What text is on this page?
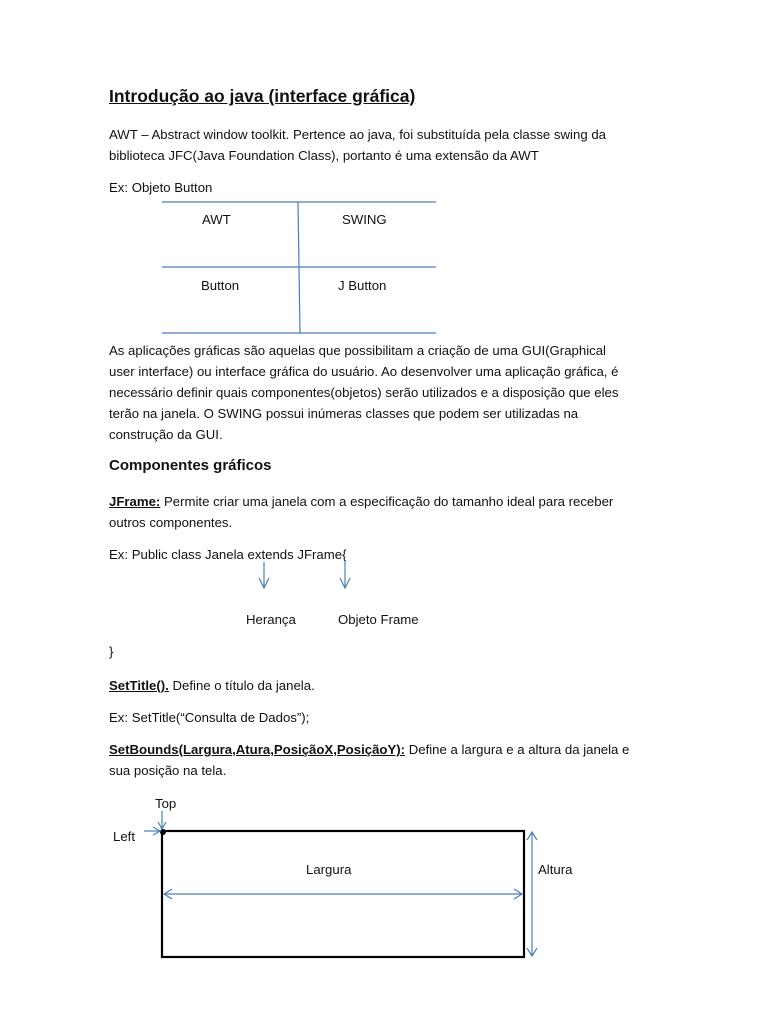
Introdução ao java (interface gráfica)
AWT – Abstract window toolkit. Pertence ao java, foi substituída pela classe swing da
biblioteca JFC(Java Foundation Class), portanto é uma extensão da AWT
Ex: Objeto Button
AWT	SWING
Button	J Button
As aplicações gráficas são aquelas que possibilitam a criação de uma GUI(Graphical
user interface) ou interface gráfica do usuário. Ao desenvolver uma aplicação gráfica, é
necessário definir quais componentes(objetos) serão utilizados e a disposição que eles
terão na janela. O SWING possui inúmeras classes que podem ser utilizadas na
construção da GUI.
Componentes gráficos
JFrame: Permite criar uma janela com a especificação do tamanho ideal para receber
outros componentes.
Ex: Public class Janela extends JFrame{
Herança	Objeto Frame
}
SetTitle(). Define o título da janela.
Ex: SetTitle(“Consulta de Dados”);
SetBounds(Largura,Atura,PosiçãoX,PosiçãoY): Define a largura e a altura da janela e
sua posição na tela.
Top
Left
Largura	Altura
